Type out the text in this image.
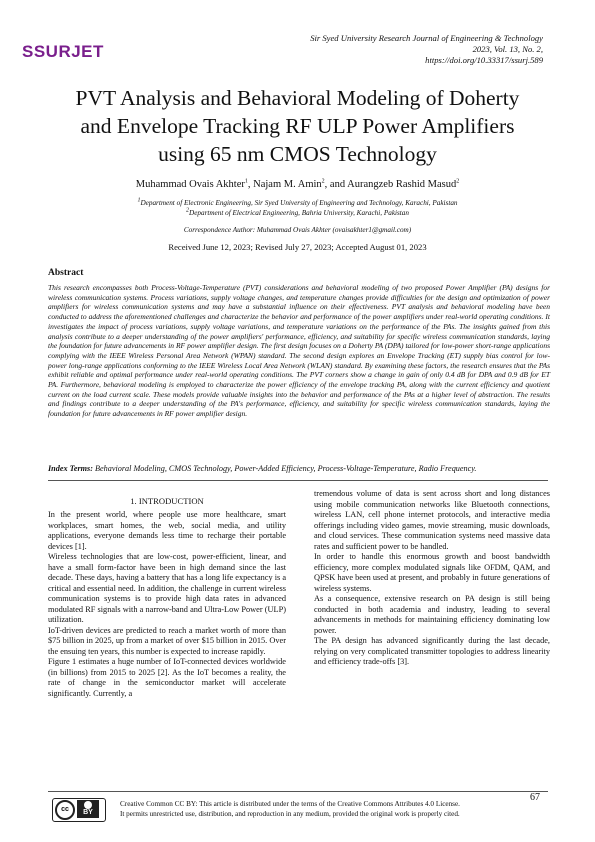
SSURJET
Sir Syed University Research Journal of Engineering & Technology
2023, Vol. 13, No. 2,
https://doi.org/10.33317/ssurj.589
PVT Analysis and Behavioral Modeling of Doherty
and Envelope Tracking RF ULP Power Amplifiers
using 65 nm CMOS Technology
Muhammad Ovais Akhter$^1$, Najam M. Amin$^2$, and Aurangzeb Rashid Masud$^2$
$^1$Department of Electronic Engineering, Sir Syed University of Engineering and Technology, Karachi, Pakistan
$^2$Department of Electrical Engineering, Bahria University, Karachi, Pakistan
Correspondence Author: Muhammad Ovais Akhter (ovaisakhter1@gmail.com)
Received June 12, 2023; Revised July 27, 2023; Accepted August 01, 2023
Abstract
This research encompasses both Process-Voltage-Temperature (PVT) considerations and behavioral modeling of two proposed Power Amplifier (PA) designs for wireless communication systems. Process variations, supply voltage changes, and temperature changes provide difficulties for the design and optimization of power amplifiers for wireless communication systems and may have a substantial influence on their effectiveness. PVT analysis and behavioral modeling have been conducted to address the aforementioned challenges and characterize the behavior and performance of the power amplifiers under real-world operating conditions. It investigates the impact of process variations, supply voltage variations, and temperature variations on the performance of the PAs. The insights gained from this analysis contribute to a deeper understanding of the power amplifiers' performance, efficiency, and suitability for specific wireless communication standards, laying the foundation for future advancements in RF power amplifier design. The first design focuses on a Doherty PA (DPA) tailored for low-power short-range applications complying with the IEEE Wireless Personal Area Network (WPAN) standard. The second design explores an Envelope Tracking (ET) supply bias control for low-power long-range applications conforming to the IEEE Wireless Local Area Network (WLAN) standard. By examining these factors, the research ensures that the PAs exhibit reliable and optimal performance under real-world operating conditions. The PVT corners show a change in gain of only 0.4 dB for DPA and 0.9 dB for ET PA. Furthermore, behavioral modeling is employed to characterize the power efficiency of the envelope tracking PA, along with the current efficiency and quotient current on the load current scale. These models provide valuable insights into the behavior and performance of the PAs at a higher level of abstraction. The results and findings contribute to a deeper understanding of the PA's performance, efficiency, and suitability for specific wireless communication standards, laying the foundation for future advancements in RF power amplifier design.
Index Terms: Behavioral Modeling, CMOS Technology, Power-Added Efficiency, Process-Voltage-Temperature, Radio Frequency.
1. INTRODUCTION

In the present world, where people use more healthcare, smart workplaces, smart homes, the web, social media, and utility applications, everyone demands less time to recharge their portable devices [1].

Wireless technologies that are low-cost, power-efficient, linear, and have a small form-factor have been in high demand since the last decade. These days, having a battery that has a long life expectancy is a critical and essential need. In addition, the challenge in current wireless communication systems is to provide high data rates in advanced modulated RF signals with a narrow-band and Ultra-Low Power (ULP) utilization.

IoT-driven devices are predicted to reach a market worth of more than $75 billion in 2025, up from a market of over $15 billion in 2015. Over the ensuing ten years, this number is expected to increase rapidly.

Figure 1 estimates a huge number of IoT-connected devices worldwide (in billions) from 2015 to 2025 [2]. As the IoT becomes a reality, the rate of change in the semiconductor market will accelerate significantly. Currently, a

tremendous volume of data is sent across short and long distances using mobile communication networks like Bluetooth connections, wireless LAN, cell phone internet protocols, and interactive media offerings including video games, movie streaming, music downloads, and cloud services. These communication systems need massive data rates and sufficient power to be handled.

In order to handle this enormous growth and boost bandwidth efficiency, more complex modulated signals like OFDM, QAM, and QPSK have been used at present, and probably in future generations of wireless systems.

As a consequence, extensive research on PA design is still being conducted in both academia and industry, leading to several advancements in methods for maintaining efficiency dominating low power.

The PA design has advanced significantly during the last decade, relying on very complicated transmitter topologies to address linearity and efficiency trade-offs [3].

cc	BY
Creative Common CC BY: This article is distributed under the terms of the Creative Commons Attributes 4.0 License.
It permits unrestricted use, distribution, and reproduction in any medium, provided the original work is properly cited.
67
